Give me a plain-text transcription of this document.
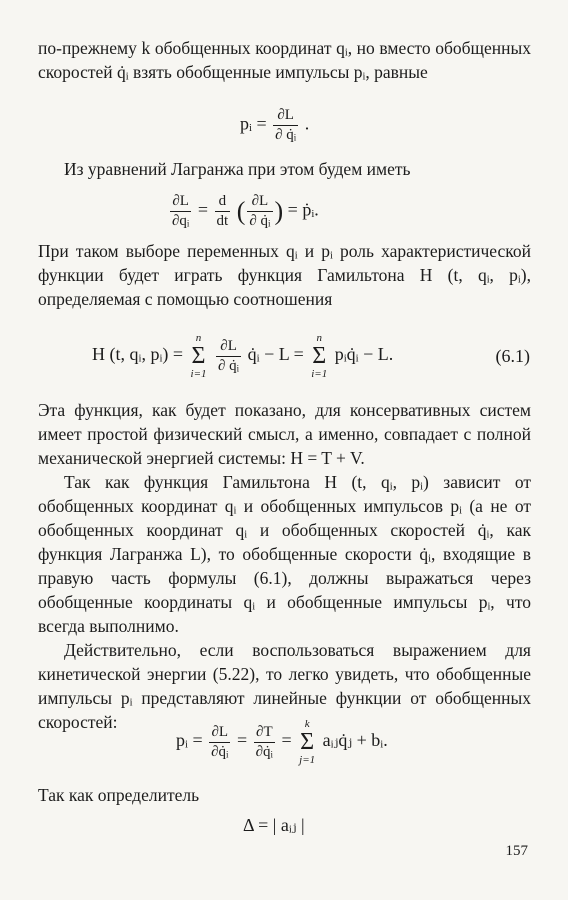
по-прежнему k обобщенных координат qᵢ, но вместо обобщенных скоростей q̇ᵢ взять обобщенные импульсы pᵢ, равные

pᵢ = $\frac{\partial L}{\text{∂ q̇ᵢ}}$ .

Из уравнений Лагранжа при этом будем иметь

$\frac{\partial L}{\text{∂qᵢ}} = \frac{d}{dt}$ ( $\frac{\partial L}{\text{∂ q̇ᵢ}}$ ) = ṗᵢ.

При таком выборе переменных qᵢ и pᵢ роль характеристической функции будет играть функция Гамильтона H (t, qᵢ, pᵢ), определяемая с помощью соотношения

H (t, qᵢ, pᵢ) =
n
Σ
i=1
$\frac{\partial L}{\text{∂ q̇ᵢ}}$ q̇ᵢ − L =
n
Σ
i=1
pᵢq̇ᵢ − L.	(6.1)

Эта функция, как будет показано, для консервативных систем имеет простой физический смысл, а именно, совпадает с полной механической энергией системы: H = T + V.

Так как функция Гамильтона H (t, qᵢ, pᵢ) зависит от обобщенных координат qᵢ и обобщенных импульсов pᵢ (а не от обобщенных координат qᵢ и обобщенных скоростей q̇ᵢ, как функция Лагранжа L), то обобщенные скорости q̇ᵢ, входящие в правую часть формулы (6.1), должны выражаться через обобщенные координаты qᵢ и обобщенные импульсы pᵢ, что всегда выполнимо.

Действительно, если воспользоваться выражением для кинетической энергии (5.22), то легко увидеть, что обобщенные импульсы pᵢ представляют линейные функции от обобщенных скоростей:

pᵢ = $\frac{\partial L}{\text{∂q̇ᵢ}} = \frac{\partial T}{\text{∂q̇ᵢ}}$ =
k
Σ
j=1
aᵢⱼq̇ⱼ + bᵢ.

Так как определитель

Δ = | aᵢⱼ |
157
